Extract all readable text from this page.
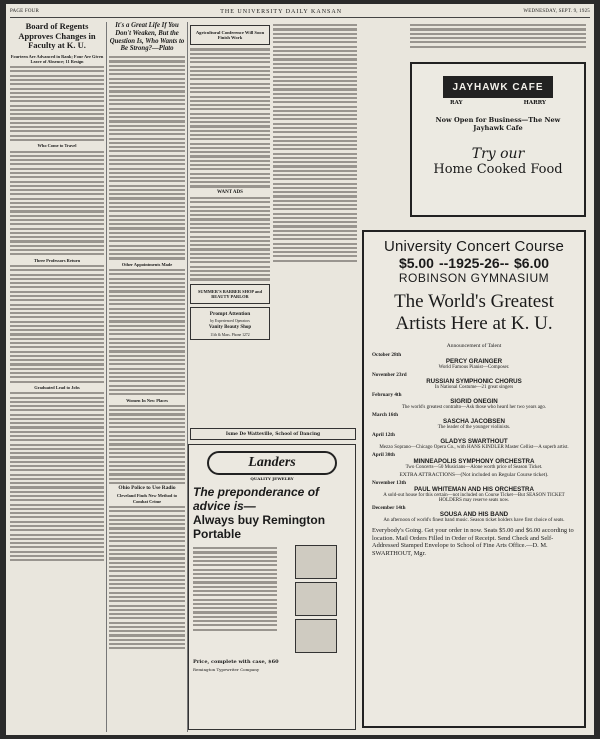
PAGE FOUR	THE UNIVERSITY DAILY KANSAN	WEDNESDAY, SEPT. 9, 1925
Board of Regents Approves Changes in Faculty at K. U.
Fourteen Are Advanced in Rank; Four Are Given Leave of Absence; 11 Resign
Who Come to Travel
Three Professors Return
Graduated Lead to Jobs
It's a Great Life If You Don't Weaken, But the Question Is, Who Wants to Be Strong?—Plato
Other Appointments Made
Women In New Places
Ohio Police to Use Radio
Cleveland Finds New Method to Combat Crime
Agricultural Conference Will Soon Finish Work
WANT ADS
SUMMER'S BARBER SHOP and BEAUTY PARLOR
Prompt Attention
by Experienced Operators
Vanity Beauty Shop
11th & Mass. Phone 1272
Isme De Watteville, School of Dancing
JAYHAWK CAFE
RAY	HARRY
Now Open for Business—The New
Jayhawk Cafe
Try our
Home Cooked Food
University Concert Course
$5.00 --1925-26-- $6.00
ROBINSON GYMNASIUM
The World's Greatest Artists Here at K. U.
Announcement of Talent
October 28th
PERCY GRAINGER
World Famous Pianist—Composer.
November 23rd
RUSSIAN SYMPHONIC CHORUS
In National Costume—21 great singers
February 4th
SIGRID ONEGIN
The world's greatest contralto—Ask those who heard her two years ago.
March 16th
SASCHA JACOBSEN
The leader of the younger violinists.
April 12th
GLADYS SWARTHOUT
Mezzo Soprano—Chicago Opera Co., with HANS KINDLER Master Cellist—A superb artist.
April 30th
MINNEAPOLIS SYMPHONY ORCHESTRA
Two Concerts—50 Musicians—Alone worth price of Season Ticket.
EXTRA ATTRACTIONS—(Not included on Regular Course ticket).
November 13th
PAUL WHITEMAN AND HIS ORCHESTRA
A sold-out house for this certain—not included on Course Ticket—But SEASON TICKET HOLDERS may reserve seats now.
December 14th
SOUSA AND HIS BAND
An afternoon of world's finest band music. Season ticket holders have first choice of seats.
Everybody's Going. Get your order in now. Seats $5.00 and $6.00 according to location. Mail Orders Filled in Order of Receipt. Send Check and Self-Addressed Stamped Envelope to School of Fine Arts Office.—D. M. SWARTHOUT, Mgr.
Landers
QUALITY JEWELRY
The preponderance of advice is—
Always buy Remington Portable
Price, complete with case, $60
Remington Typewriter Company
